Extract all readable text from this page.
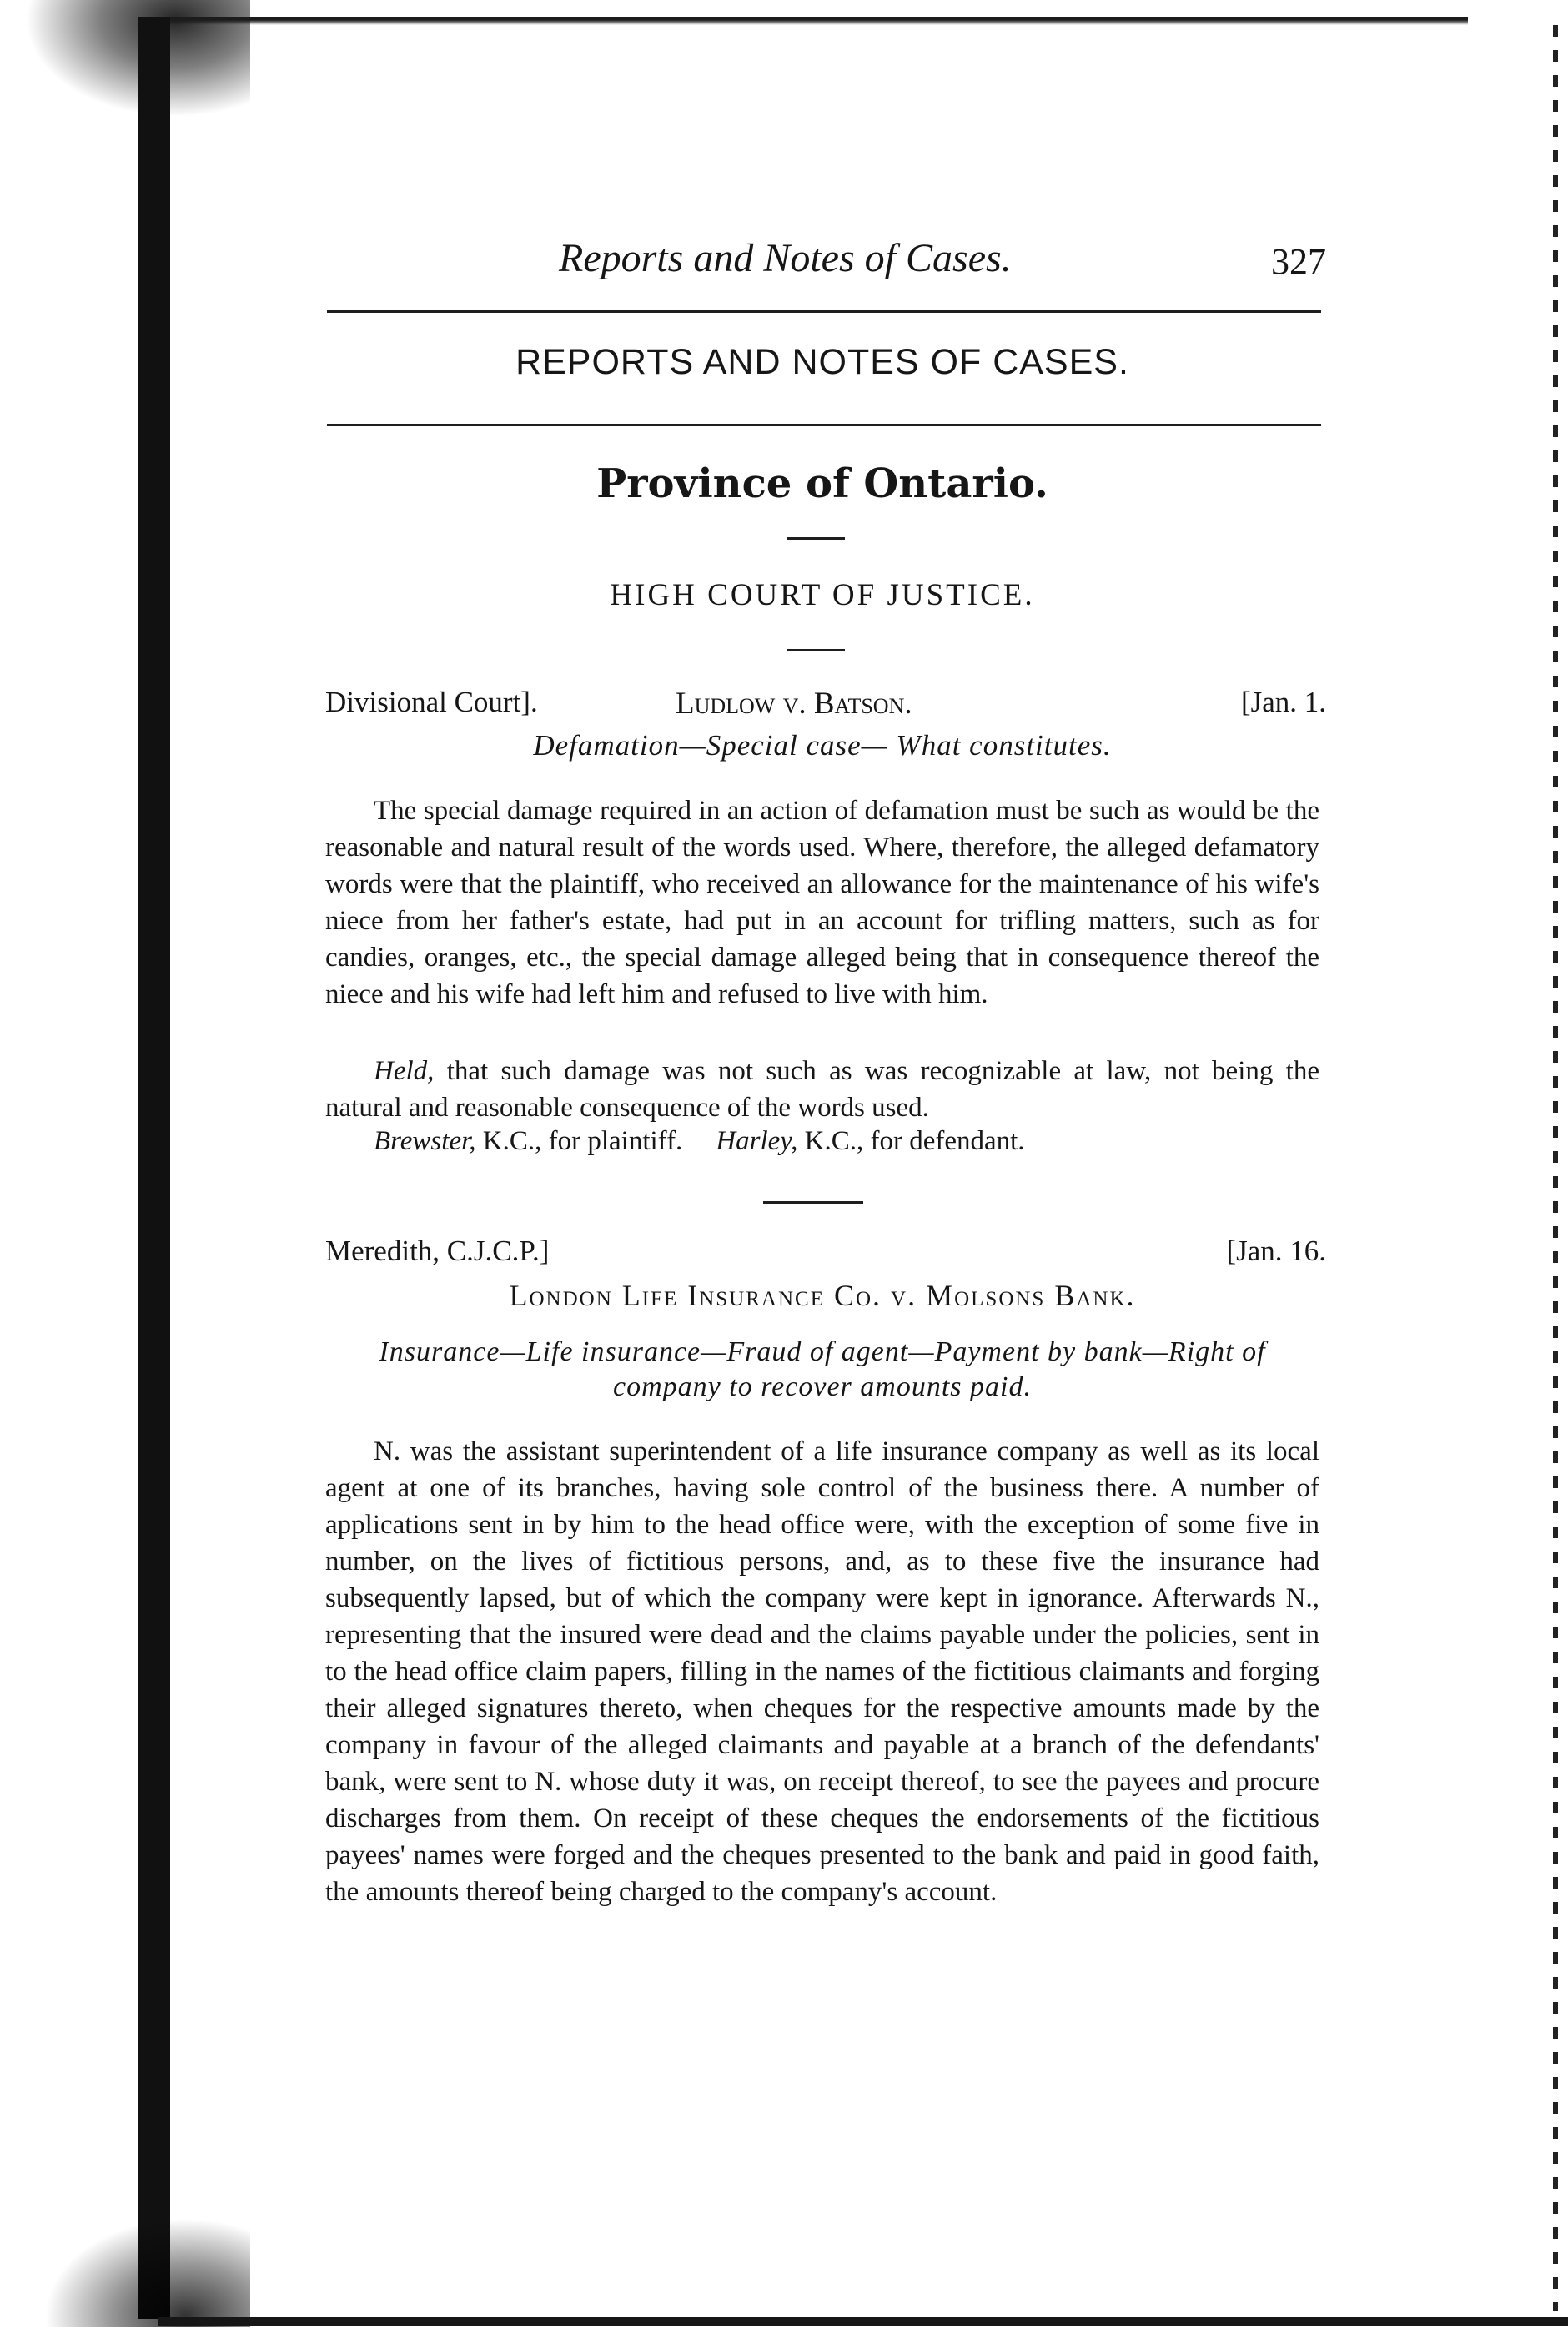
Reports and Notes of Cases.	327
REPORTS AND NOTES OF CASES.
Province of Ontario.
HIGH COURT OF JUSTICE.
Divisional Court].	Ludlow v. Batson.	[Jan. 1.
Defamation—Special case— What constitutes.

The special damage required in an action of defamation must be such as would be the reasonable and natural result of the words used. Where, therefore, the alleged defamatory words were that the plaintiff, who received an allowance for the maintenance of his wife's niece from her father's estate, had put in an account for trifling matters, such as for candies, oranges, etc., the special damage alleged being that in consequence thereof the niece and his wife had left him and refused to live with him.

Held, that such damage was not such as was recognizable at law, not being the natural and reasonable consequence of the words used.

Brewster, K.C., for plaintiff. Harley, K.C., for defendant.
Meredith, C.J.C.P.]	[Jan. 16.
London Life Insurance Co. v. Molsons Bank.
Insurance—Life insurance—Fraud of agent—Payment by bank—Right of company to recover amounts paid.

N. was the assistant superintendent of a life insurance company as well as its local agent at one of its branches, having sole control of the business there. A number of applications sent in by him to the head office were, with the exception of some five in number, on the lives of fictitious persons, and, as to these five the insurance had subsequently lapsed, but of which the company were kept in ignorance. Afterwards N., representing that the insured were dead and the claims payable under the policies, sent in to the head office claim papers, filling in the names of the fictitious claimants and forging their alleged signatures thereto, when cheques for the respective amounts made by the company in favour of the alleged claimants and payable at a branch of the defendants' bank, were sent to N. whose duty it was, on receipt thereof, to see the payees and procure discharges from them. On receipt of these cheques the endorsements of the fictitious payees' names were forged and the cheques presented to the bank and paid in good faith, the amounts thereof being charged to the company's account.
